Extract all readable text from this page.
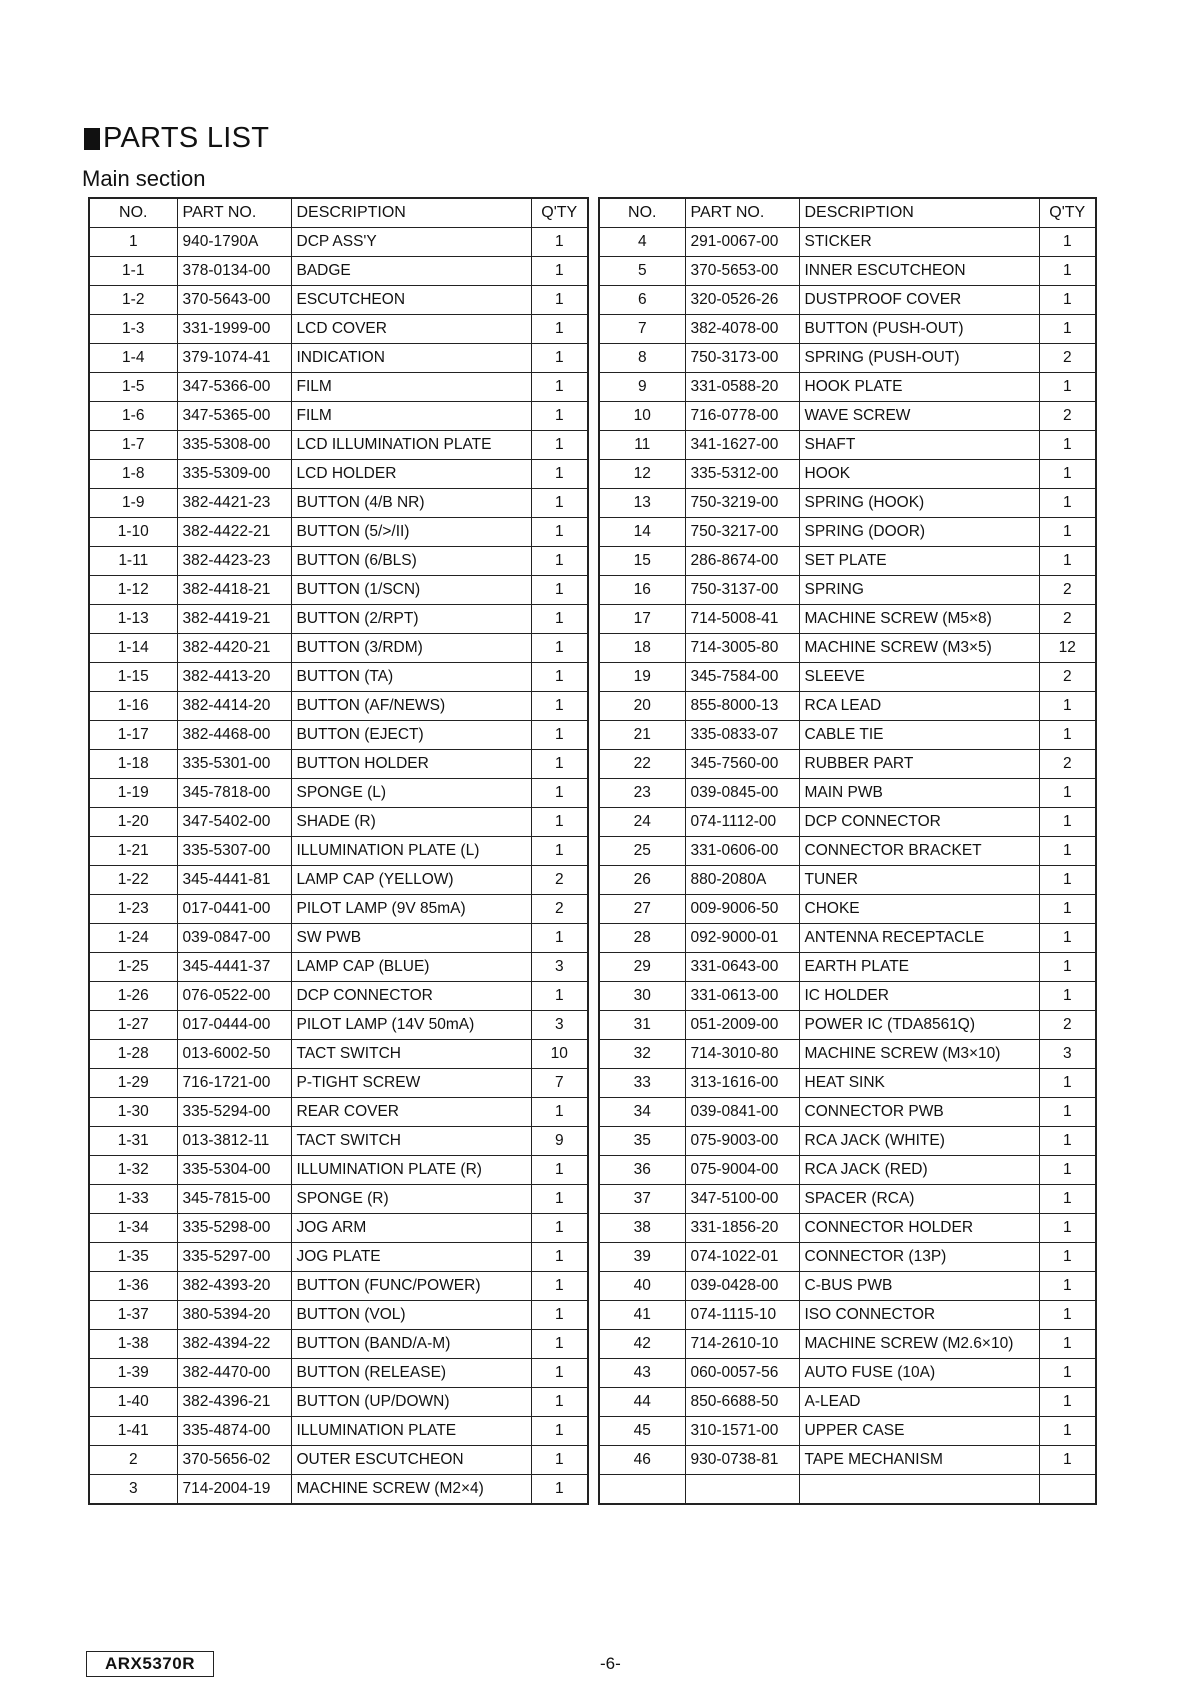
PARTS LIST
Main section
NO.	PART NO.	DESCRIPTION	Q'TY
1	940-1790A	DCP ASS'Y	1
1-1	378-0134-00	BADGE	1
1-2	370-5643-00	ESCUTCHEON	1
1-3	331-1999-00	LCD COVER	1
1-4	379-1074-41	INDICATION	1
1-5	347-5366-00	FILM	1
1-6	347-5365-00	FILM	1
1-7	335-5308-00	LCD ILLUMINATION PLATE	1
1-8	335-5309-00	LCD HOLDER	1
1-9	382-4421-23	BUTTON (4/B NR)	1
1-10	382-4422-21	BUTTON (5/>/II)	1
1-11	382-4423-23	BUTTON (6/BLS)	1
1-12	382-4418-21	BUTTON (1/SCN)	1
1-13	382-4419-21	BUTTON (2/RPT)	1
1-14	382-4420-21	BUTTON (3/RDM)	1
1-15	382-4413-20	BUTTON (TA)	1
1-16	382-4414-20	BUTTON (AF/NEWS)	1
1-17	382-4468-00	BUTTON (EJECT)	1
1-18	335-5301-00	BUTTON HOLDER	1
1-19	345-7818-00	SPONGE (L)	1
1-20	347-5402-00	SHADE (R)	1
1-21	335-5307-00	ILLUMINATION PLATE (L)	1
1-22	345-4441-81	LAMP CAP (YELLOW)	2
1-23	017-0441-00	PILOT LAMP (9V 85mA)	2
1-24	039-0847-00	SW PWB	1
1-25	345-4441-37	LAMP CAP (BLUE)	3
1-26	076-0522-00	DCP CONNECTOR	1
1-27	017-0444-00	PILOT LAMP (14V 50mA)	3
1-28	013-6002-50	TACT SWITCH	10
1-29	716-1721-00	P-TIGHT SCREW	7
1-30	335-5294-00	REAR COVER	1
1-31	013-3812-11	TACT SWITCH	9
1-32	335-5304-00	ILLUMINATION PLATE (R)	1
1-33	345-7815-00	SPONGE (R)	1
1-34	335-5298-00	JOG ARM	1
1-35	335-5297-00	JOG PLATE	1
1-36	382-4393-20	BUTTON (FUNC/POWER)	1
1-37	380-5394-20	BUTTON (VOL)	1
1-38	382-4394-22	BUTTON (BAND/A-M)	1
1-39	382-4470-00	BUTTON (RELEASE)	1
1-40	382-4396-21	BUTTON (UP/DOWN)	1
1-41	335-4874-00	ILLUMINATION PLATE	1
2	370-5656-02	OUTER ESCUTCHEON	1
3	714-2004-19	MACHINE SCREW (M2×4)	1
NO.	PART NO.	DESCRIPTION	Q'TY
4	291-0067-00	STICKER	1
5	370-5653-00	INNER ESCUTCHEON	1
6	320-0526-26	DUSTPROOF COVER	1
7	382-4078-00	BUTTON (PUSH-OUT)	1
8	750-3173-00	SPRING (PUSH-OUT)	2
9	331-0588-20	HOOK PLATE	1
10	716-0778-00	WAVE SCREW	2
11	341-1627-00	SHAFT	1
12	335-5312-00	HOOK	1
13	750-3219-00	SPRING (HOOK)	1
14	750-3217-00	SPRING (DOOR)	1
15	286-8674-00	SET PLATE	1
16	750-3137-00	SPRING	2
17	714-5008-41	MACHINE SCREW (M5×8)	2
18	714-3005-80	MACHINE SCREW (M3×5)	12
19	345-7584-00	SLEEVE	2
20	855-8000-13	RCA LEAD	1
21	335-0833-07	CABLE TIE	1
22	345-7560-00	RUBBER PART	2
23	039-0845-00	MAIN PWB	1
24	074-1112-00	DCP CONNECTOR	1
25	331-0606-00	CONNECTOR BRACKET	1
26	880-2080A	TUNER	1
27	009-9006-50	CHOKE	1
28	092-9000-01	ANTENNA RECEPTACLE	1
29	331-0643-00	EARTH PLATE	1
30	331-0613-00	IC HOLDER	1
31	051-2009-00	POWER IC (TDA8561Q)	2
32	714-3010-80	MACHINE SCREW (M3×10)	3
33	313-1616-00	HEAT SINK	1
34	039-0841-00	CONNECTOR PWB	1
35	075-9003-00	RCA JACK (WHITE)	1
36	075-9004-00	RCA JACK (RED)	1
37	347-5100-00	SPACER (RCA)	1
38	331-1856-20	CONNECTOR HOLDER	1
39	074-1022-01	CONNECTOR (13P)	1
40	039-0428-00	C-BUS PWB	1
41	074-1115-10	ISO CONNECTOR	1
42	714-2610-10	MACHINE SCREW (M2.6×10)	1
43	060-0057-56	AUTO FUSE (10A)	1
44	850-6688-50	A-LEAD	1
45	310-1571-00	UPPER CASE	1
46	930-0738-81	TAPE MECHANISM	1

ARX5370R	-6-
